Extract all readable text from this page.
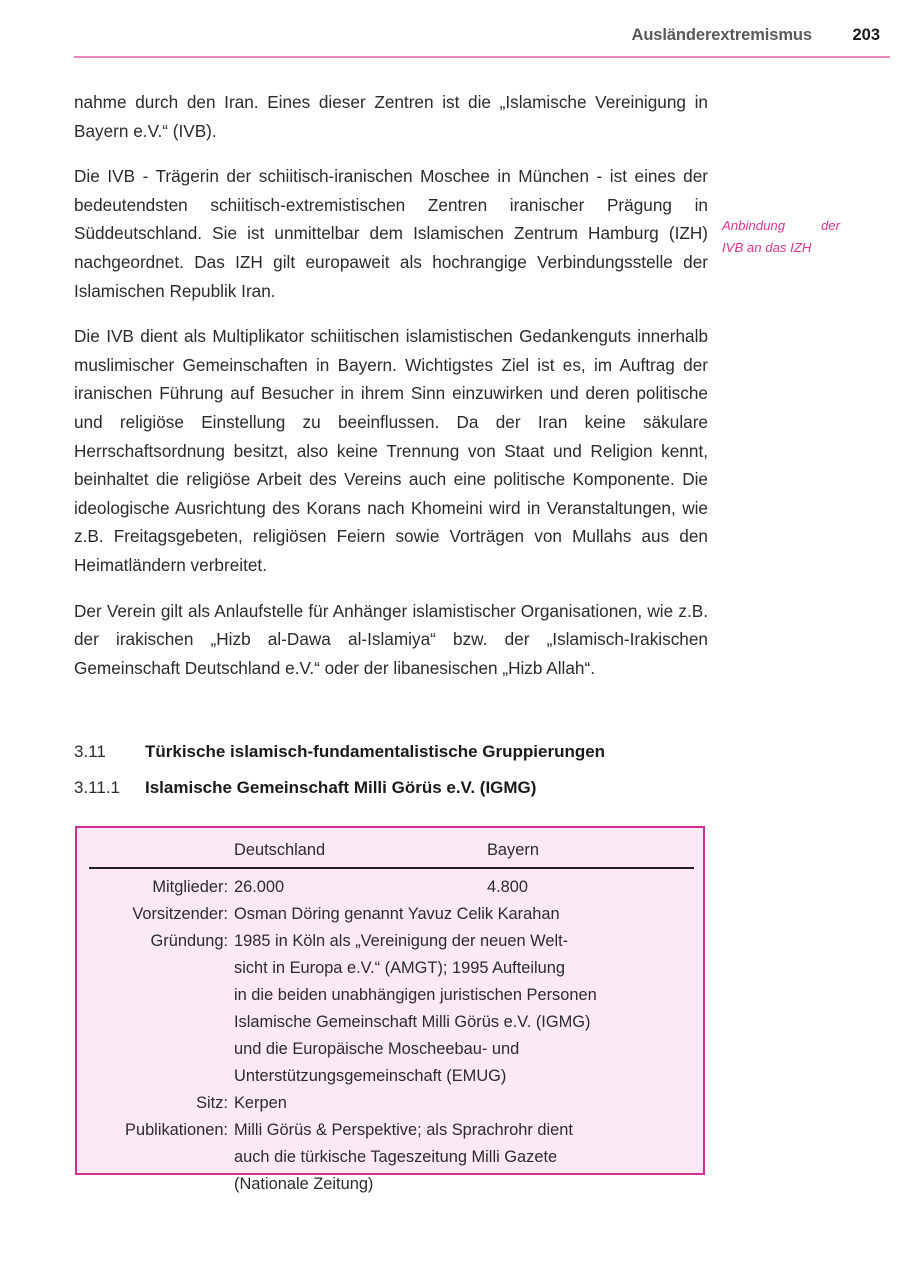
Ausländerextremismus 203
Anbindung	der
IVB an das IZH

nahme durch den Iran. Eines dieser Zentren ist die „Islamische Vereinigung in Bayern e.V.“ (IVB).

Die IVB - Trägerin der schiitisch-iranischen Moschee in München - ist eines der bedeutendsten schiitisch-extremistischen Zentren iranischer Prägung in Süddeutschland. Sie ist unmittelbar dem Islamischen Zentrum Hamburg (IZH) nachgeordnet. Das IZH gilt europaweit als hochrangige Verbindungsstelle der Islamischen Republik Iran.

Die IVB dient als Multiplikator schiitischen islamistischen Gedankenguts innerhalb muslimischer Gemeinschaften in Bayern. Wichtigstes Ziel ist es, im Auftrag der iranischen Führung auf Besucher in ihrem Sinn einzuwirken und deren politische und religiöse Einstellung zu beeinflussen. Da der Iran keine säkulare Herrschaftsordnung besitzt, also keine Trennung von Staat und Religion kennt, beinhaltet die religiöse Arbeit des Vereins auch eine politische Komponente. Die ideologische Ausrichtung des Korans nach Khomeini wird in Veranstaltungen, wie z.B. Freitagsgebeten, religiösen Feiern sowie Vorträgen von Mullahs aus den Heimatländern verbreitet.

Der Verein gilt als Anlaufstelle für Anhänger islamistischer Organisationen, wie z.B. der irakischen „Hizb al-Dawa al-Islamiya“ bzw. der „Islamisch-Irakischen Gemeinschaft Deutschland e.V.“ oder der libanesischen „Hizb Allah“.

3.11	Türkische islamisch-fundamentalistische Gruppierungen
3.11.1	Islamische Gemeinschaft Milli Görüs e.V. (IGMG)
Deutschland	Bayern
Mitglieder: 26.000	4.800
Vorsitzender: Osman Döring genannt Yavuz Celik Karahan
Gründung: 1985 in Köln als „Vereinigung der neuen Welt-
sicht in Europa e.V.“ (AMGT); 1995 Aufteilung
in die beiden unabhängigen juristischen Personen
Islamische Gemeinschaft Milli Görüs e.V. (IGMG)
und die Europäische Moscheebau- und
Unterstützungsgemeinschaft (EMUG)
Sitz: Kerpen
Publikationen: Milli Görüs & Perspektive; als Sprachrohr dient
auch die türkische Tageszeitung Milli Gazete
(Nationale Zeitung)
